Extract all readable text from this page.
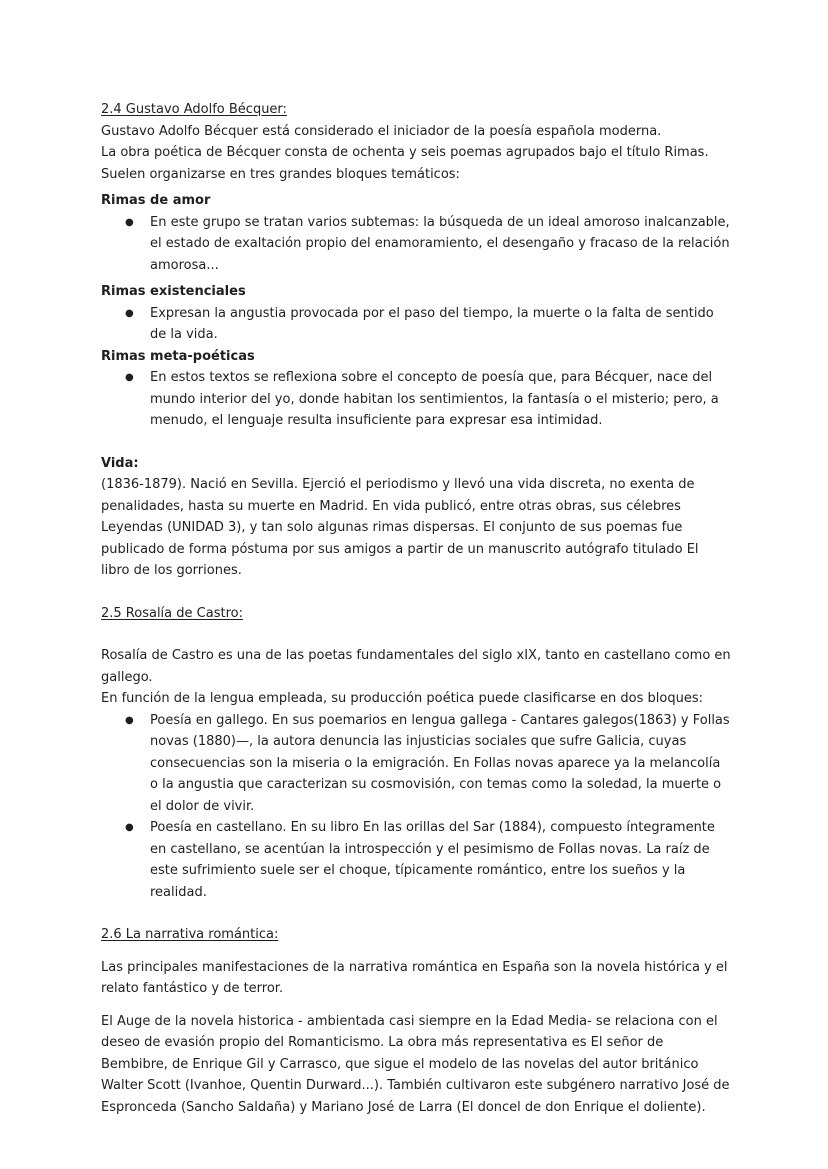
2.4 Gustavo Adolfo Bécquer:

Gustavo Adolfo Bécquer está considerado el iniciador de la poesía española moderna.

La obra poética de Bécquer consta de ochenta y seis poemas agrupados bajo el título Rimas. Suelen organizarse en tres grandes bloques temáticos:

Rimas de amor

● En este grupo se tratan varios subtemas: la búsqueda de un ideal amoroso inalcanzable, el estado de exaltación propio del enamoramiento, el desengaño y fracaso de la relación amorosa...

Rimas existenciales

● Expresan la angustia provocada por el paso del tiempo, la muerte o la falta de sentido de la vida.

Rimas meta-poéticas

● En estos textos se reflexiona sobre el concepto de poesía que, para Bécquer, nace del mundo interior del yo, donde habitan los sentimientos, la fantasía o el misterio; pero, a menudo, el lenguaje resulta insuficiente para expresar esa intimidad.

Vida:

(1836-1879). Nació en Sevilla. Ejerció el periodismo y llevó una vida discreta, no exenta de penalidades, hasta su muerte en Madrid. En vida publicó, entre otras obras, sus célebres Leyendas (UNIDAD 3), y tan solo algunas rimas dispersas. El conjunto de sus poemas fue publicado de forma póstuma por sus amigos a partir de un manuscrito autógrafo titulado El libro de los gorriones.

2.5 Rosalía de Castro:

Rosalía de Castro es una de las poetas fundamentales del siglo xIX, tanto en castellano como en gallego.

En función de la lengua empleada, su producción poética puede clasificarse en dos bloques:

● Poesía en gallego. En sus poemarios en lengua gallega - Cantares galegos(1863) y Follas novas (1880)—, la autora denuncia las injusticias sociales que sufre Galicia, cuyas consecuencias son la miseria o la emigración. En Follas novas aparece ya la melancolía o la angustia que caracterizan su cosmovisión, con temas como la soledad, la muerte o el dolor de vivir.
● Poesía en castellano. En su libro En las orillas del Sar (1884), compuesto íntegramente en castellano, se acentúan la introspección y el pesimismo de Follas novas. La raíz de este sufrimiento suele ser el choque, típicamente romántico, entre los sueños y la realidad.

2.6 La narrativa romántica:

Las principales manifestaciones de la narrativa romántica en España son la novela histórica y el relato fantástico y de terror.

El Auge de la novela historica - ambientada casi siempre en la Edad Media- se relaciona con el deseo de evasión propio del Romanticismo. La obra más representativa es El señor de Bembibre, de Enrique Gil y Carrasco, que sigue el modelo de las novelas del autor británico Walter Scott (Ivanhoe, Quentin Durward...). También cultivaron este subgénero narrativo José de Espronceda (Sancho Saldaña) y Mariano José de Larra (El doncel de don Enrique el doliente).
